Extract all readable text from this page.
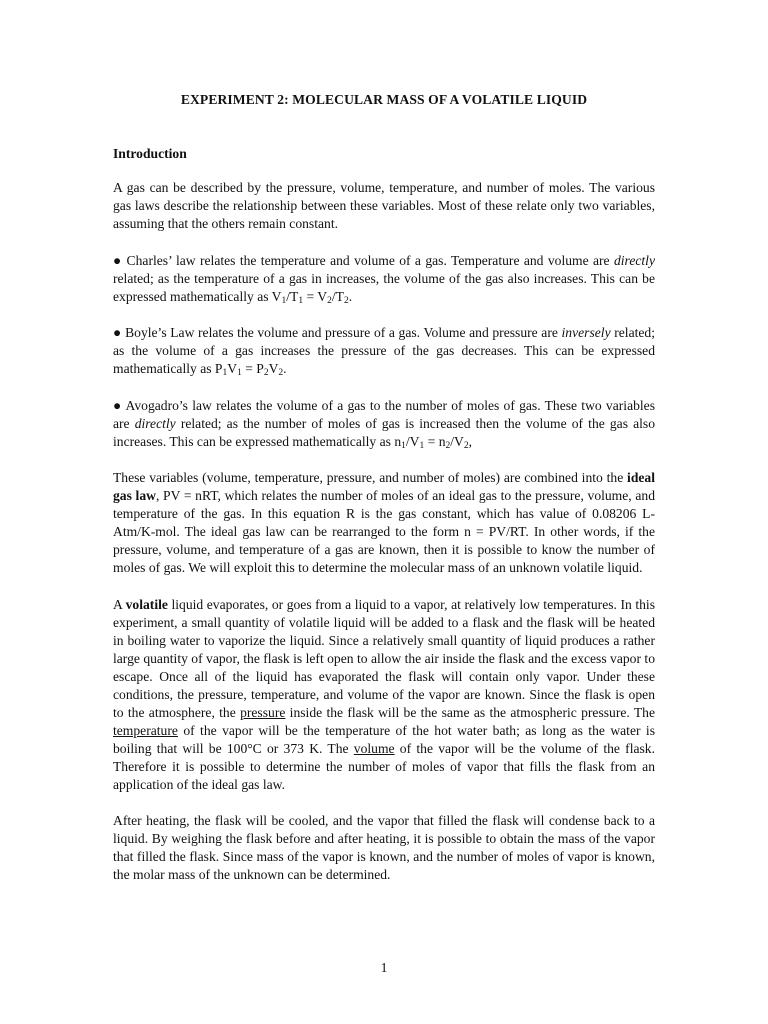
EXPERIMENT 2: MOLECULAR MASS OF A VOLATILE LIQUID
Introduction

A gas can be described by the pressure, volume, temperature, and number of moles. The various gas laws describe the relationship between these variables. Most of these relate only two variables, assuming that the others remain constant.

● Charles’ law relates the temperature and volume of a gas. Temperature and volume are directly related; as the temperature of a gas in increases, the volume of the gas also increases. This can be expressed mathematically as $V_1/T_1 = V_2/T_2$.

● Boyle’s Law relates the volume and pressure of a gas. Volume and pressure are inversely related; as the volume of a gas increases the pressure of the gas decreases. This can be expressed mathematically as $P_1V_1 = P_2V_2$.

● Avogadro’s law relates the volume of a gas to the number of moles of gas. These two variables are directly related; as the number of moles of gas is increased then the volume of the gas also increases. This can be expressed mathematically as $n_1/V_1 = n_2/V_2$,

These variables (volume, temperature, pressure, and number of moles) are combined into the ideal gas law, PV = nRT, which relates the number of moles of an ideal gas to the pressure, volume, and temperature of the gas. In this equation R is the gas constant, which has value of 0.08206 L-Atm/K-mol. The ideal gas law can be rearranged to the form n = PV/RT. In other words, if the pressure, volume, and temperature of a gas are known, then it is possible to know the number of moles of gas. We will exploit this to determine the molecular mass of an unknown volatile liquid.

A volatile liquid evaporates, or goes from a liquid to a vapor, at relatively low temperatures. In this experiment, a small quantity of volatile liquid will be added to a flask and the flask will be heated in boiling water to vaporize the liquid. Since a relatively small quantity of liquid produces a rather large quantity of vapor, the flask is left open to allow the air inside the flask and the excess vapor to escape. Once all of the liquid has evaporated the flask will contain only vapor. Under these conditions, the pressure, temperature, and volume of the vapor are known. Since the flask is open to the atmosphere, the pressure inside the flask will be the same as the atmospheric pressure. The temperature of the vapor will be the temperature of the hot water bath; as long as the water is boiling that will be 100°C or 373 K. The volume of the vapor will be the volume of the flask. Therefore it is possible to determine the number of moles of vapor that fills the flask from an application of the ideal gas law.

After heating, the flask will be cooled, and the vapor that filled the flask will condense back to a liquid. By weighing the flask before and after heating, it is possible to obtain the mass of the vapor that filled the flask. Since mass of the vapor is known, and the number of moles of vapor is known, the molar mass of the unknown can be determined.

1
